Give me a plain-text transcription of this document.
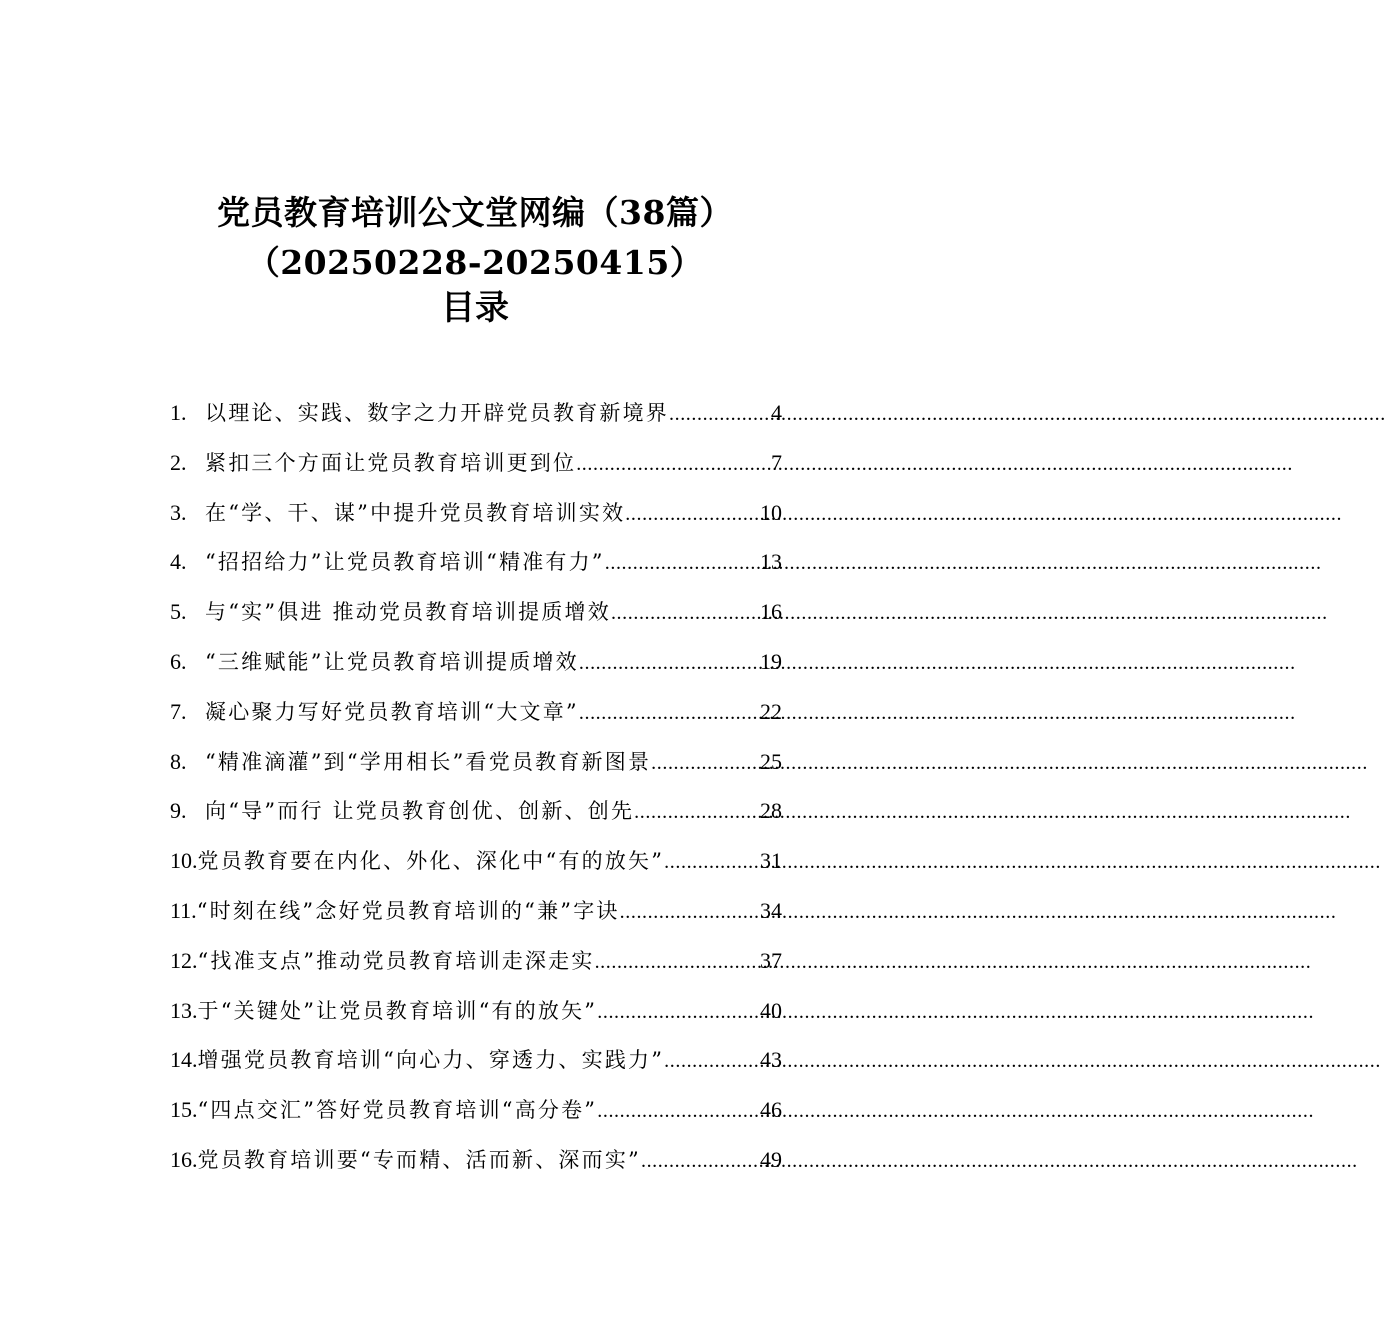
党员教育培训公文堂网编（38篇）（20250228-20250415）
目录
1. 以理论、实践、数字之力开辟党员教育新境界 .....	4
2. 紧扣三个方面让党员教育培训更到位 .....	7
3. 在“学、干、谋”中提升党员教育培训实效 .....	10
4. “招招给力”让党员教育培训“精准有力” .....	13
5. 与“实”俱进 推动党员教育培训提质增效 .....	16
6. “三维赋能”让党员教育培训提质增效 .....	19
7. 凝心聚力写好党员教育培训“大文章” .....	22
8. “精准滴灌”到“学用相长”看党员教育新图景 .....	25
9. 向“导”而行 让党员教育创优、创新、创先 .....	28
10. 党员教育要在内化、外化、深化中“有的放矢” .....	31
11. “时刻在线”念好党员教育培训的“兼”字诀 .....	34
12. “找准支点”推动党员教育培训走深走实 .....	37
13. 于“关键处”让党员教育培训“有的放矢” .....	40
14. 增强党员教育培训“向心力、穿透力、实践力” .....	43
15. “四点交汇”答好党员教育培训“高分卷” .....	46
16. 党员教育培训要“专而精、活而新、深而实” .....	49
